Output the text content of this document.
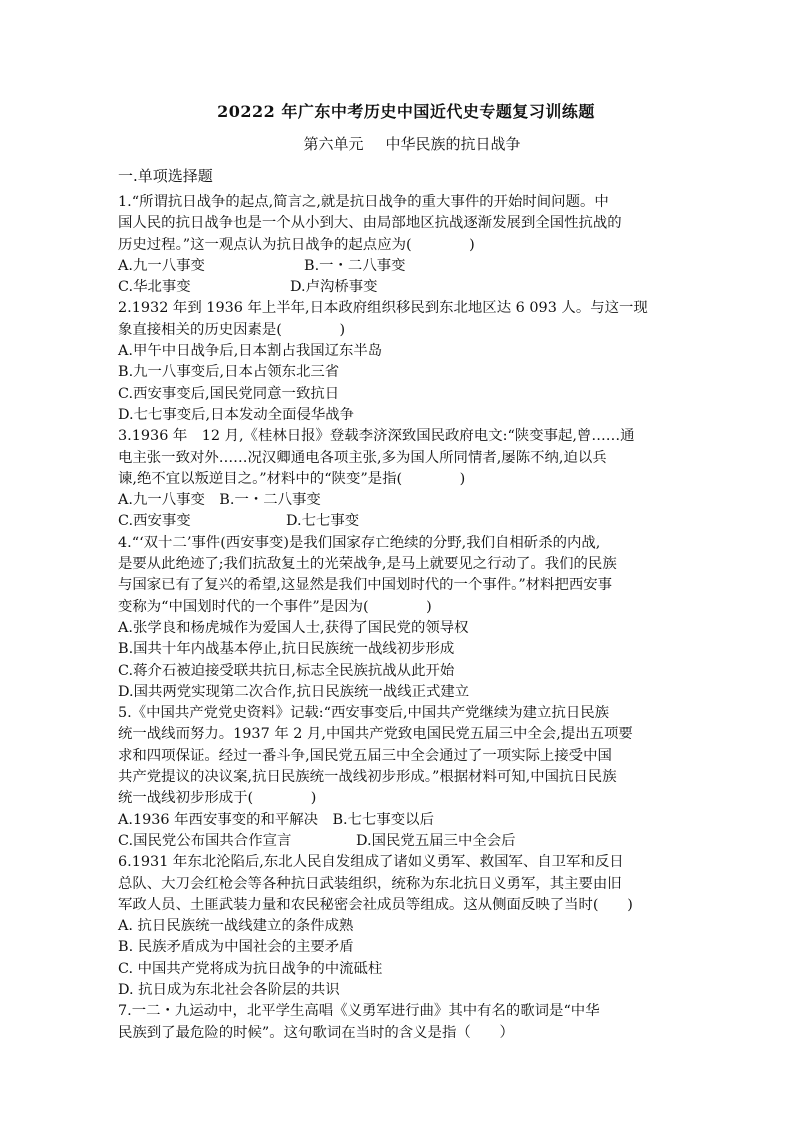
20222 年广东中考历史中国近代史专题复习训练题
第六单元 中华民族的抗日战争
一.单项选择题
1.“所谓抗日战争的起点,简言之,就是抗日战争的重大事件的开始时间问题。中
国人民的抗日战争也是一个从小到大、由局部地区抗战逐渐发展到全国性抗战的
历史过程。”这一观点认为抗日战争的起点应为(　　　　)
A.九一八事变	B.一・二八事变
C.华北事变	D.卢沟桥事变
2.1932 年到 1936 年上半年,日本政府组织移民到东北地区达 6 093 人。与这一现
象直接相关的历史因素是(　　　　)
A.甲午中日战争后,日本割占我国辽东半岛
B.九一八事变后,日本占领东北三省
C.西安事变后,国民党同意一致抗日
D.七七事变后,日本发动全面侵华战争
3.1936 年　12 月,《桂林日报》登载李济深致国民政府电文:“陕变事起,曾……通
电主张一致对外……况汉卿通电各项主张,多为国人所同情者,屡陈不纳,迫以兵
谏,绝不宜以叛逆目之。”材料中的“陕变”是指(　　　　)
A.九一八事变　B.一・二八事变
C.西安事变	D.七七事变
4.“‘双十二’事件(西安事变)是我们国家存亡绝续的分野,我们自相斫杀的内战,
是要从此绝迹了;我们抗敌复土的光荣战争,是马上就要见之行动了。我们的民族
与国家已有了复兴的希望,这显然是我们中国划时代的一个事件。”材料把西安事
变称为“中国划时代的一个事件”是因为(　　　　)
A.张学良和杨虎城作为爱国人士,获得了国民党的领导权
B.国共十年内战基本停止,抗日民族统一战线初步形成
C.蒋介石被迫接受联共抗日,标志全民族抗战从此开始
D.国共两党实现第二次合作,抗日民族统一战线正式建立
5.《中国共产党党史资料》记载:“西安事变后,中国共产党继续为建立抗日民族
统一战线而努力。1937 年 2 月,中国共产党致电国民党五届三中全会,提出五项要
求和四项保证。经过一番斗争,国民党五届三中全会通过了一项实际上接受中国
共产党提议的决议案,抗日民族统一战线初步形成。”根据材料可知,中国抗日民族
统一战线初步形成于(　　　　)
A.1936 年西安事变的和平解决　B.七七事变以后
C.国民党公布国共合作宣言	D.国民党五届三中全会后
6.1931 年东北沦陷后,东北人民自发组成了诸如义勇军、救国军、自卫军和反日
总队、大刀会红枪会等各种抗日武装组织，统称为东北抗日义勇军，其主要由旧
军政人员、土匪武装力量和农民秘密会社成员等组成。这从侧面反映了当时(　　)
A. 抗日民族统一战线建立的条件成熟
B. 民族矛盾成为中国社会的主要矛盾
C. 中国共产党将成为抗日战争的中流砥柱
D. 抗日成为东北社会各阶层的共识
7.一二・九运动中，北平学生高唱《义勇军进行曲》其中有名的歌词是“中华
民族到了最危险的时候”。这句歌词在当时的含义是指（　　）
